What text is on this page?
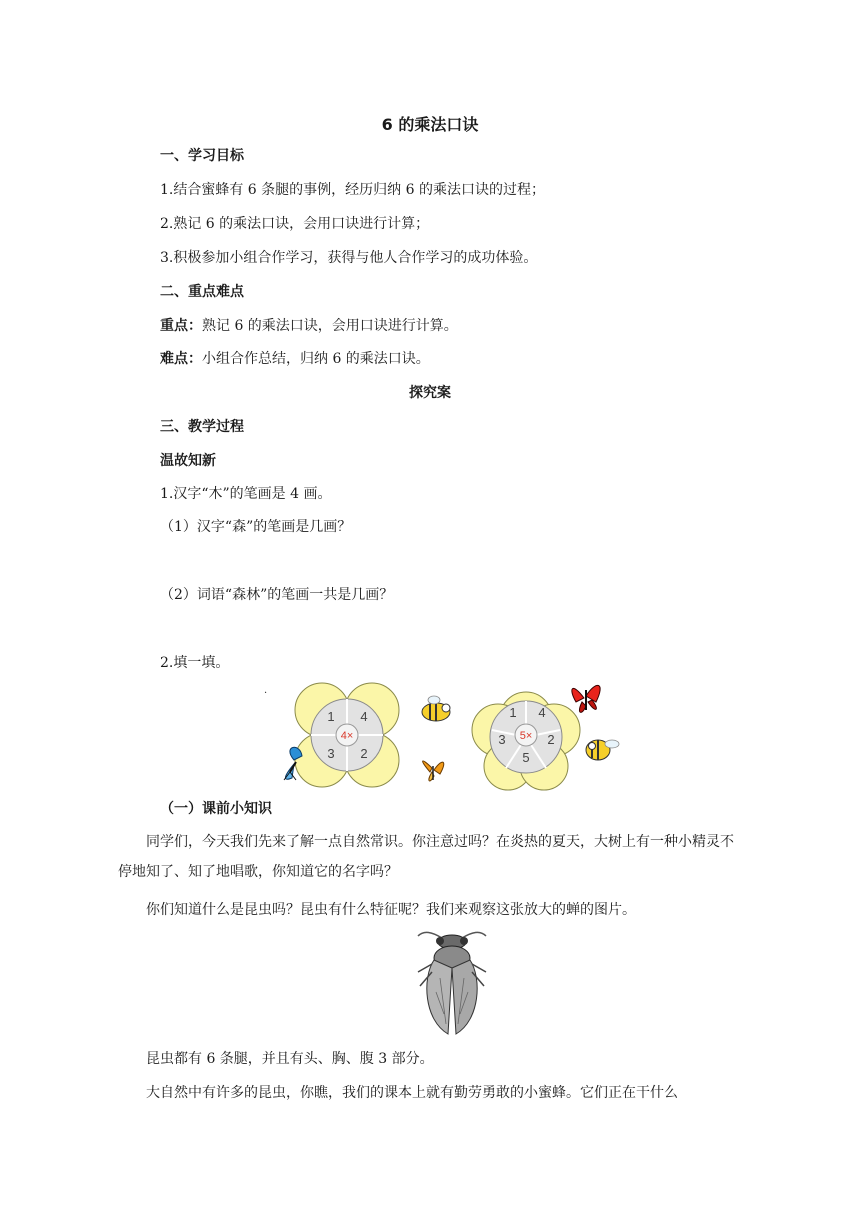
6 的乘法口诀
一、学习目标
1.结合蜜蜂有 6 条腿的事例，经历归纳 6 的乘法口诀的过程；
2.熟记 6 的乘法口诀，会用口诀进行计算；
3.积极参加小组合作学习，获得与他人合作学习的成功体验。
二、重点难点
重点：熟记 6 的乘法口诀，会用口诀进行计算。
难点：小组合作总结，归纳 6 的乘法口诀。
探究案
三、教学过程
温故知新
1.汉字“木”的笔画是 4 画。
（1）汉字“森”的笔画是几画？
（2）词语“森林”的笔画一共是几画？
2.填一填。
·
4×
1 4
3 2
5×
1 4
3	2
5
（一）课前小知识
同学们，今天我们先来了解一点自然常识。你注意过吗？在炎热的夏天，大树上有一种小精灵不停地知了、知了地唱歌，你知道它的名字吗？
你们知道什么是昆虫吗？昆虫有什么特征呢？我们来观察这张放大的蝉的图片。
昆虫都有 6 条腿，并且有头、胸、腹 3 部分。
大自然中有许多的昆虫，你瞧，我们的课本上就有勤劳勇敢的小蜜蜂。它们正在干什么
